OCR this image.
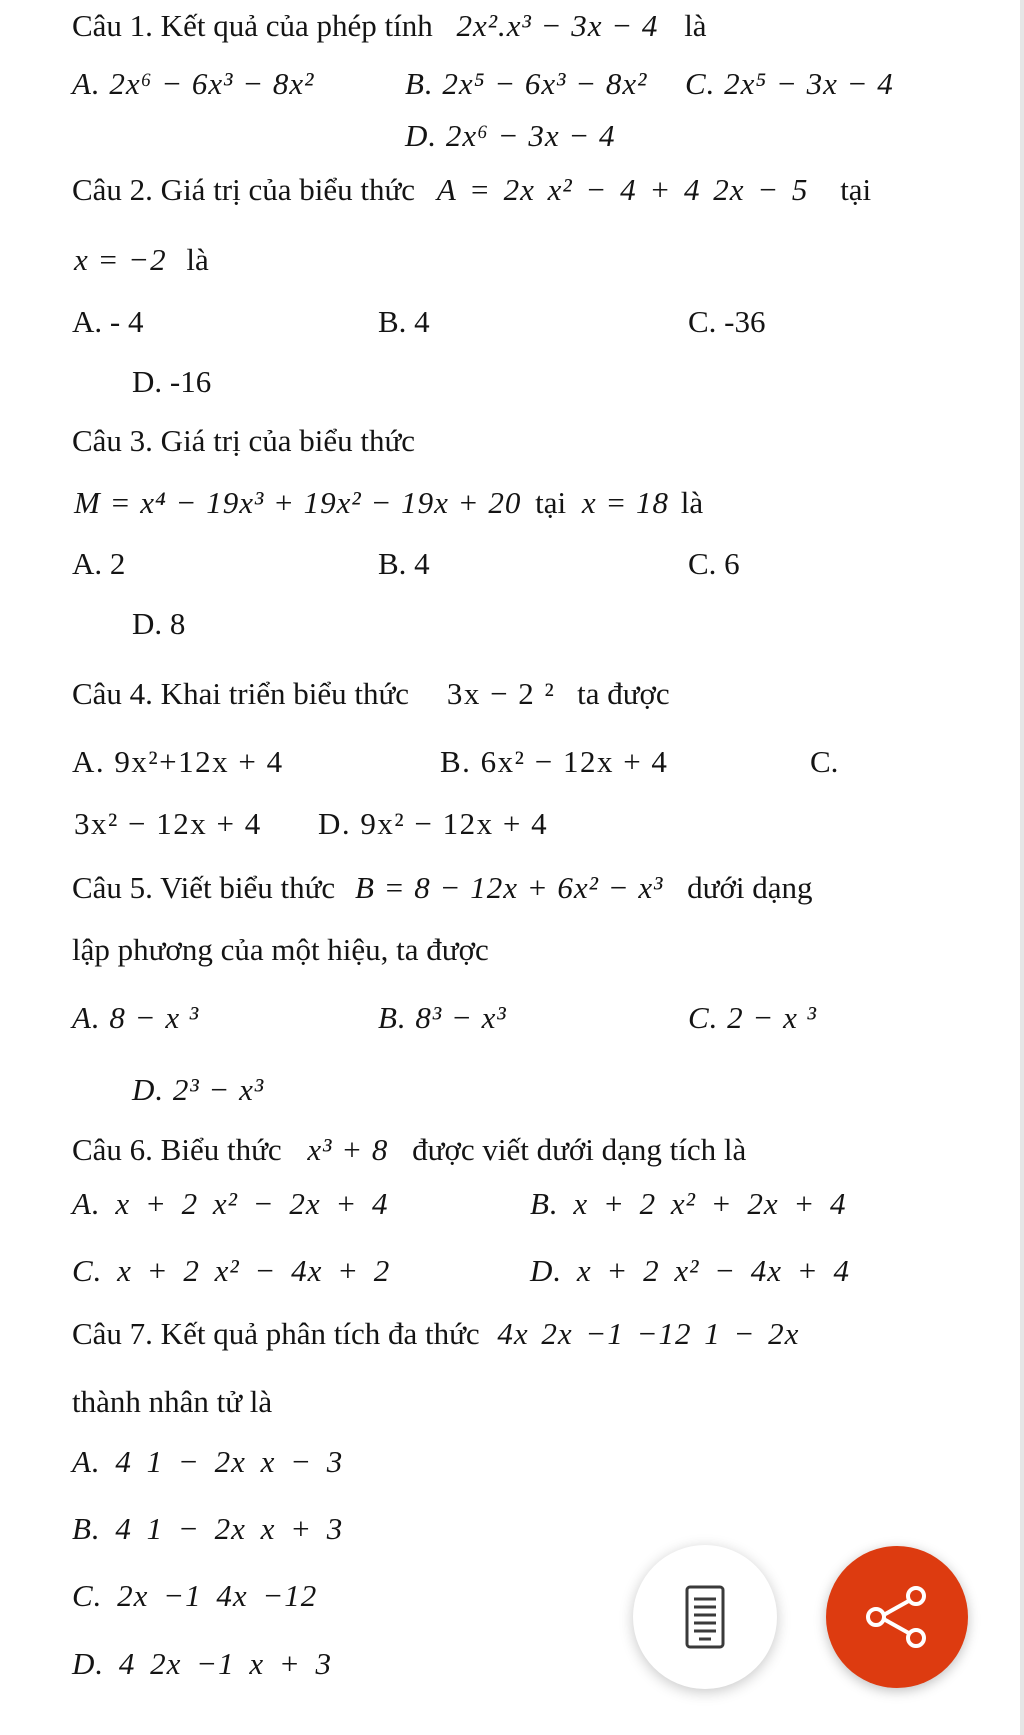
Câu 1. Kết quả của phép tính 2x².x³ − 3x − 4 là
A. 2x⁶ − 6x³ − 8x²	B. 2x⁵ − 6x³ − 8x² C. 2x⁵ − 3x − 4
D. 2x⁶ − 3x − 4
Câu 2. Giá trị của biểu thức A = 2x x² − 4 + 4 2x − 5 tại
x = −2 là
A. - 4	B. 4	C. -36
D. -16
Câu 3. Giá trị của biểu thức
M = x⁴ − 19x³ + 19x² − 19x + 20 tại x = 18 là
A. 2	B. 4	C. 6
D. 8
Câu 4. Khai triển biểu thức 3x − 2 ² ta được
A. 9x²+12x + 4	B. 6x² − 12x + 4	C.
3x² − 12x + 4 D. 9x² − 12x + 4
Câu 5. Viết biểu thức B = 8 − 12x + 6x² − x³ dưới dạng
lập phương của một hiệu, ta được
A. 8 − x ³	B. 8³ − x³	C. 2 − x ³
D. 2³ − x³
Câu 6. Biểu thức x³ + 8 được viết dưới dạng tích là
A. x + 2 x² − 2x + 4	B. x + 2 x² + 2x + 4
C. x + 2 x² − 4x + 2	D. x + 2 x² − 4x + 4
Câu 7. Kết quả phân tích đa thức 4x 2x −1 −12 1 − 2x
thành nhân tử là
A. 4 1 − 2x x − 3
B. 4 1 − 2x x + 3
C. 2x −1 4x −12
D. 4 2x −1 x + 3
